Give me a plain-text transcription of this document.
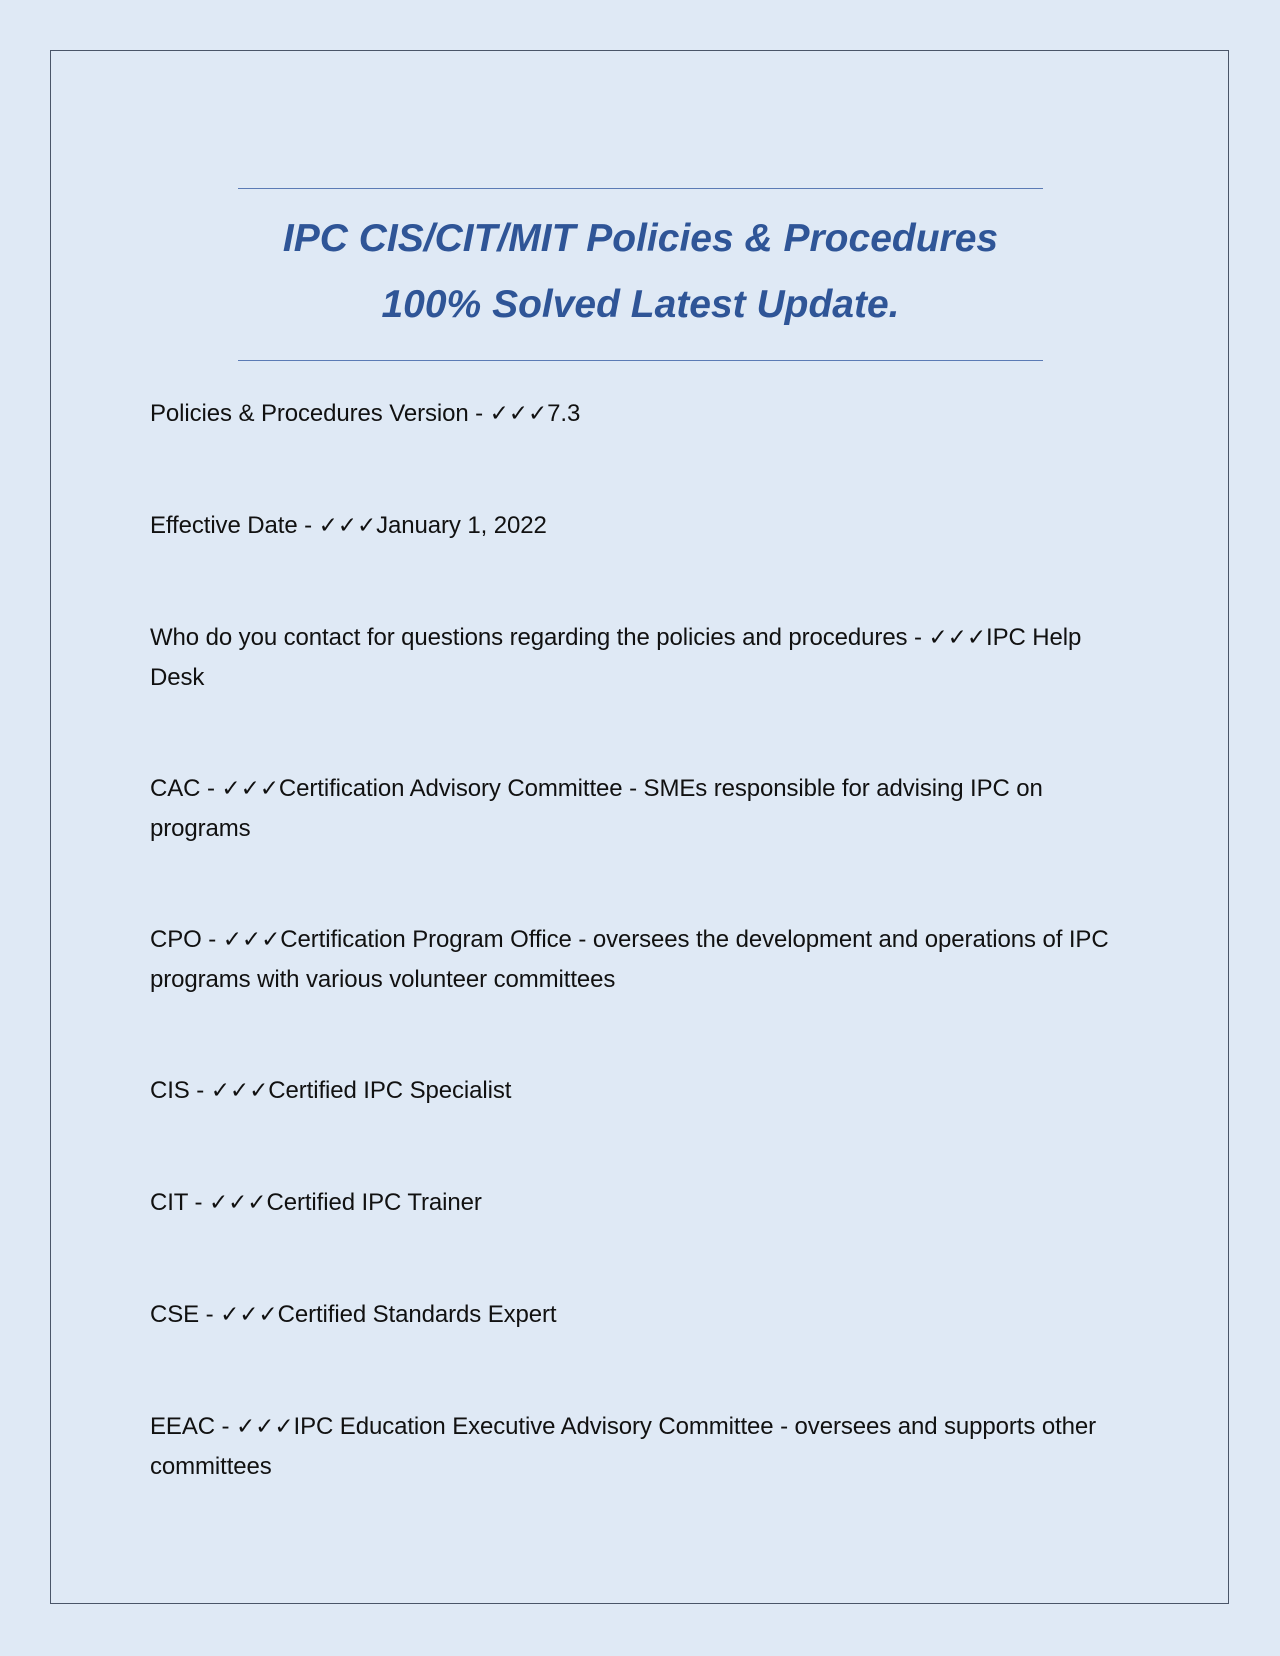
IPC CIS/CIT/MIT Policies & Procedures
100% Solved Latest Update.

Policies & Procedures Version - ✓✓✓7.3

Effective Date - ✓✓✓January 1, 2022

Who do you contact for questions regarding the policies and procedures - ✓✓✓IPC Help Desk

CAC - ✓✓✓Certification Advisory Committee - SMEs responsible for advising IPC on programs

CPO - ✓✓✓Certification Program Office - oversees the development and operations of IPC programs with various volunteer committees

CIS - ✓✓✓Certified IPC Specialist

CIT - ✓✓✓Certified IPC Trainer

CSE - ✓✓✓Certified Standards Expert

EEAC - ✓✓✓IPC Education Executive Advisory Committee - oversees and supports other committees
